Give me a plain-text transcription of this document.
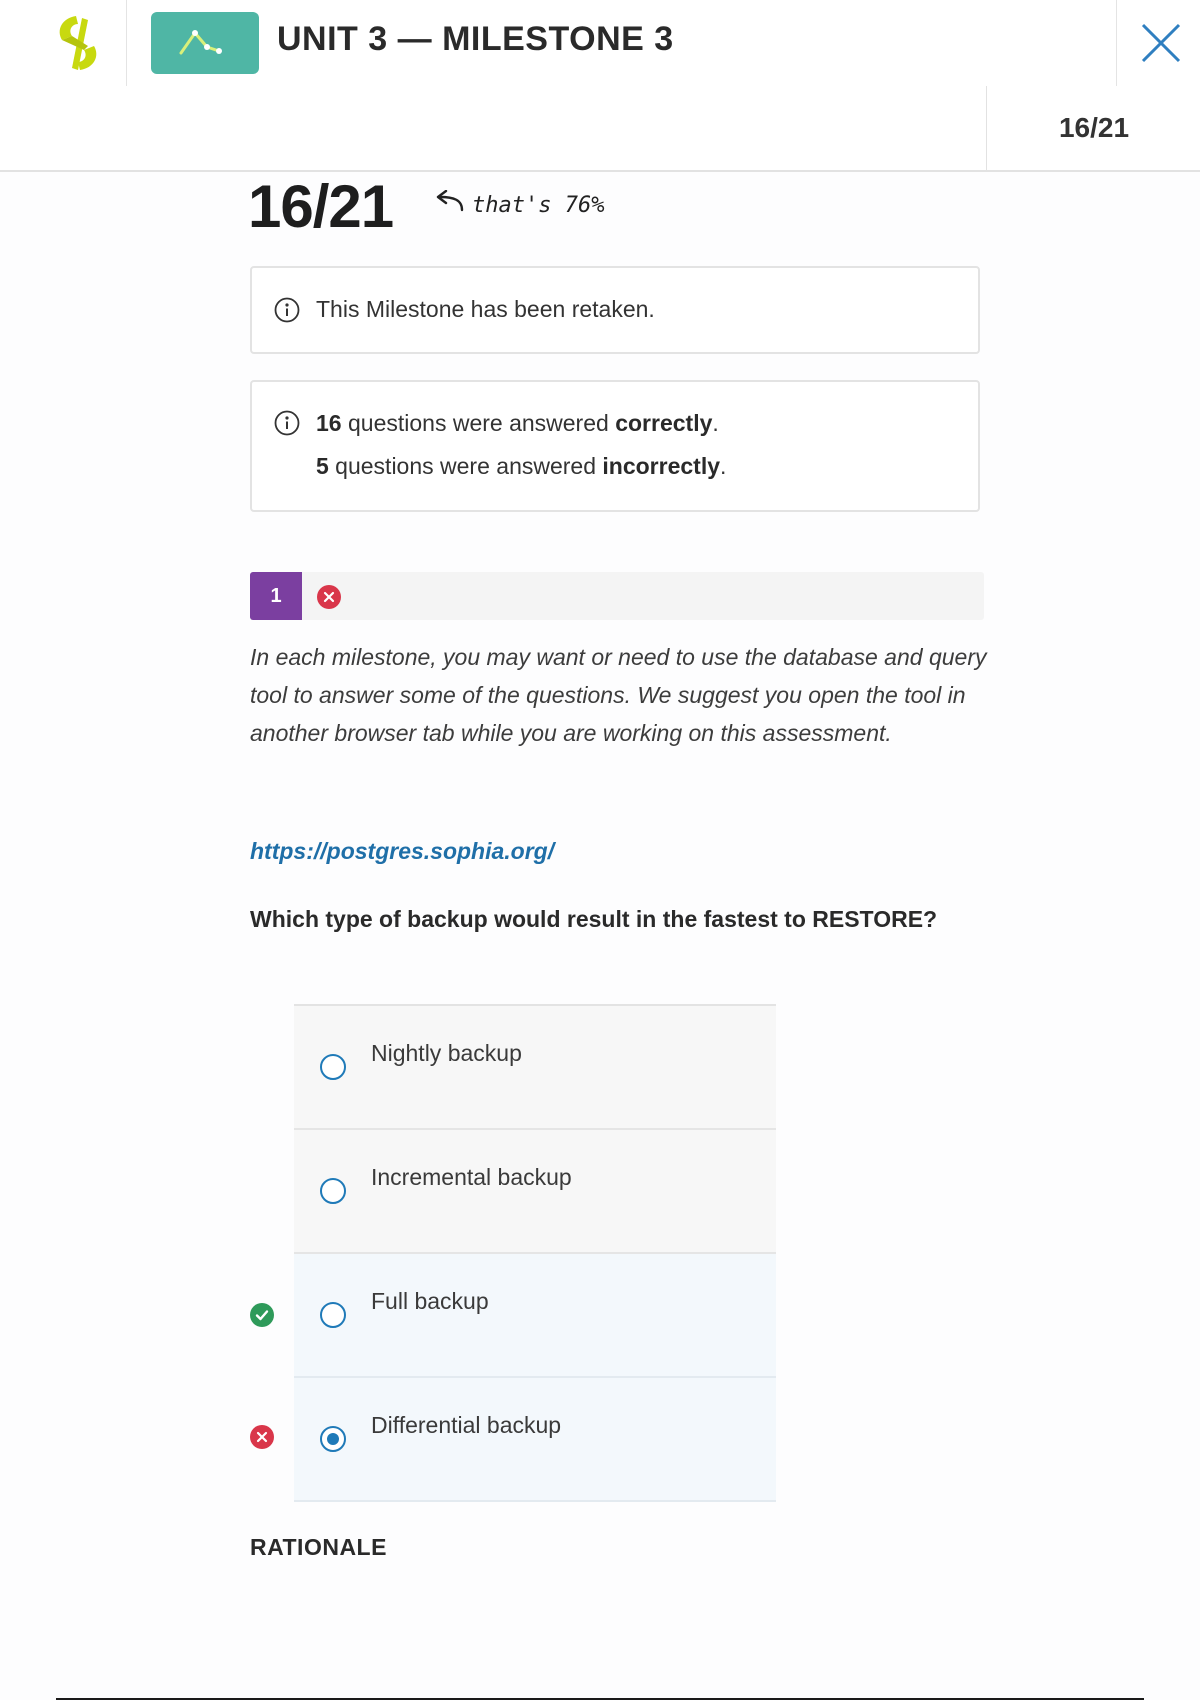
UNIT 3 — MILESTONE 3
16/21
16/21	that's 76%
This Milestone has been retaken.
16 questions were answered correctly.
5 questions were answered incorrectly.
1
In each milestone, you may want or need to use the database and query tool to answer some of the questions. We suggest you open the tool in another browser tab while you are working on this assessment.
https://postgres.sophia.org/
Which type of backup would result in the fastest to RESTORE?
Nightly backup
Incremental backup
Full backup
Differential backup
RATIONALE
